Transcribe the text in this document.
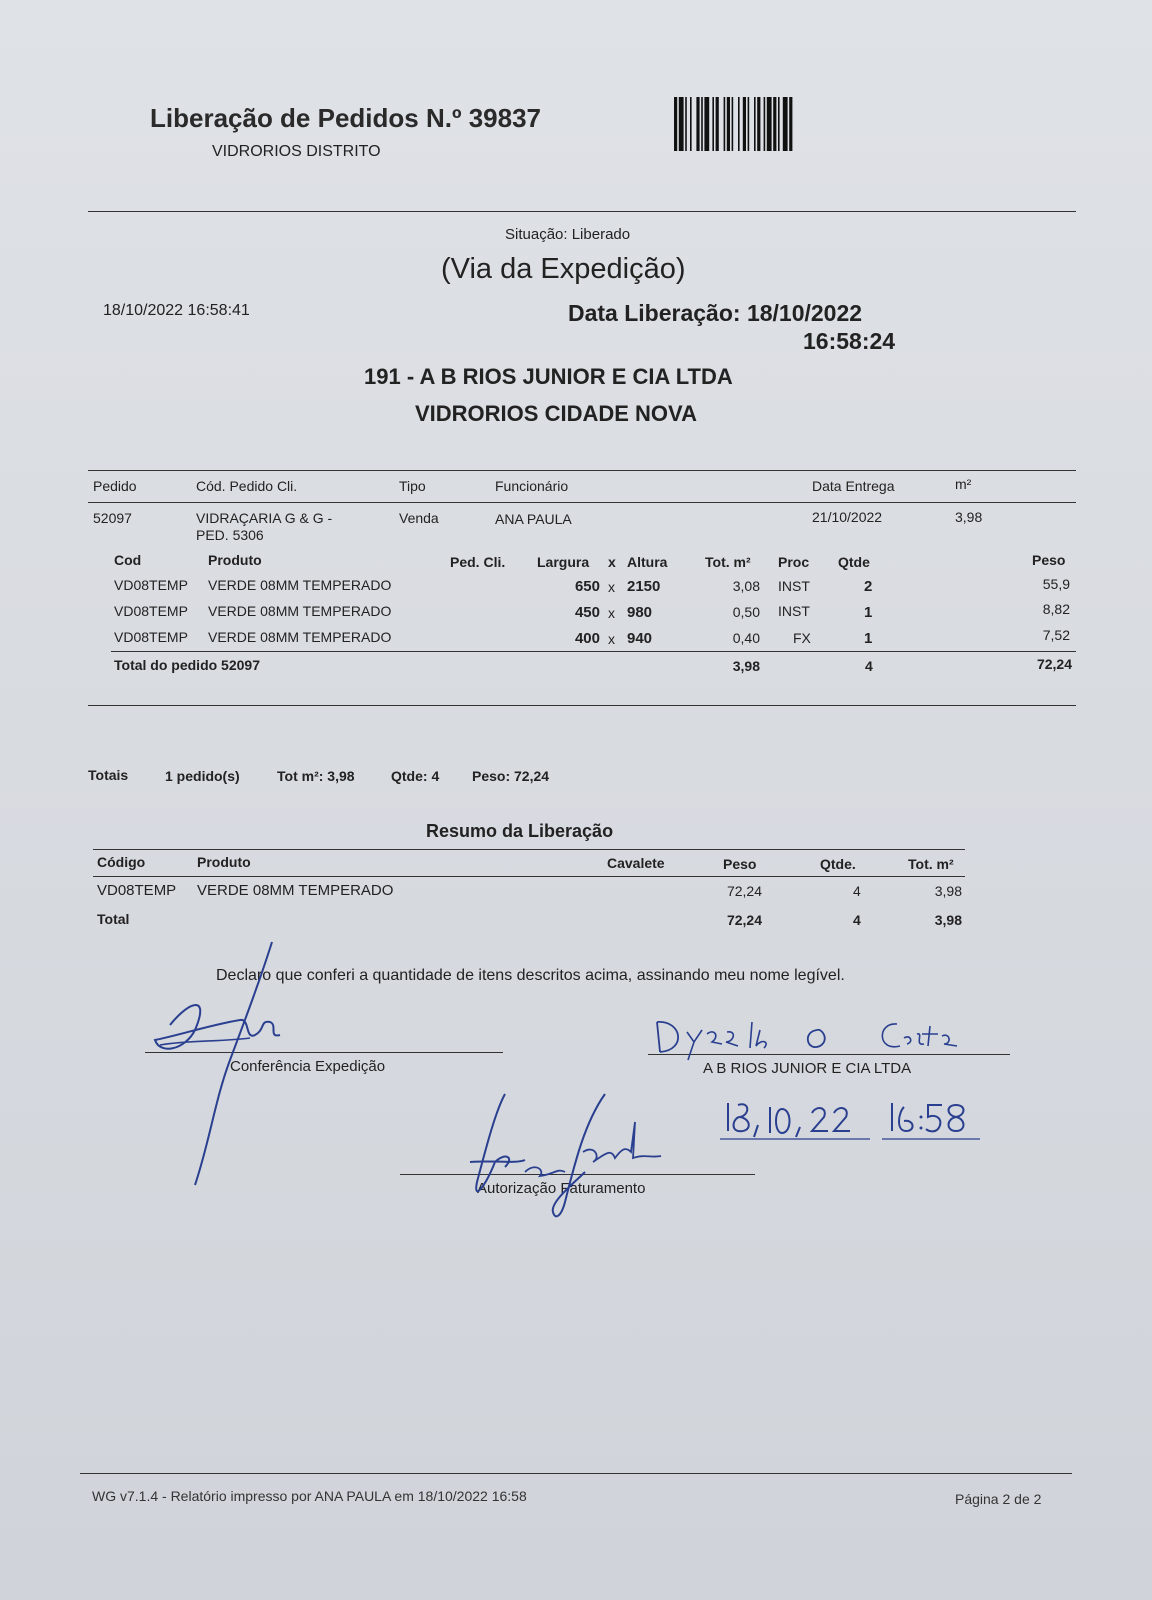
Liberação de Pedidos N.º 39837
VIDRORIOS DISTRITO
Situação: Liberado
(Via da Expedição)
18/10/2022 16:58:41	Data Liberação: 18/10/2022
16:58:24
191 - A B RIOS JUNIOR E CIA LTDA
VIDRORIOS CIDADE NOVA
Pedido	Cód. Pedido Cli.	Tipo	Funcionário	Data Entrega	m²
52097	VIDRAÇARIA G & G -
PED. 5306
Venda	ANA PAULA	21/10/2022	3,98
Cod	Produto	Ped. Cli. Largura x Altura	Tot. m² Proc Qtde	Peso
VD08TEMP VERDE 08MM TEMPERADO	650 x 2150	3,08 INST	2	55,9
VD08TEMP VERDE 08MM TEMPERADO	450 x 980	0,50 INST	1	8,82
VD08TEMP VERDE 08MM TEMPERADO	400 x 940	0,40 FX	1	7,52
Total do pedido 52097	3,98	4	72,24
Totais	1 pedido(s)	Tot m²: 3,98	Qtde: 4 Peso: 72,24
Resumo da Liberação
Código	Produto	Cavalete	Peso	Qtde.	Tot. m²
VD08TEMP VERDE 08MM TEMPERADO	72,24	4	3,98
Total	72,24	4	3,98
Declaro que conferi a quantidade de itens descritos acima, assinando meu nome legível.
Conferência Expedição	A B RIOS JUNIOR E CIA LTDA
Autorização Faturamento
WG v7.1.4 - Relatório impresso por ANA PAULA em 18/10/2022 16:58	Página 2 de 2
